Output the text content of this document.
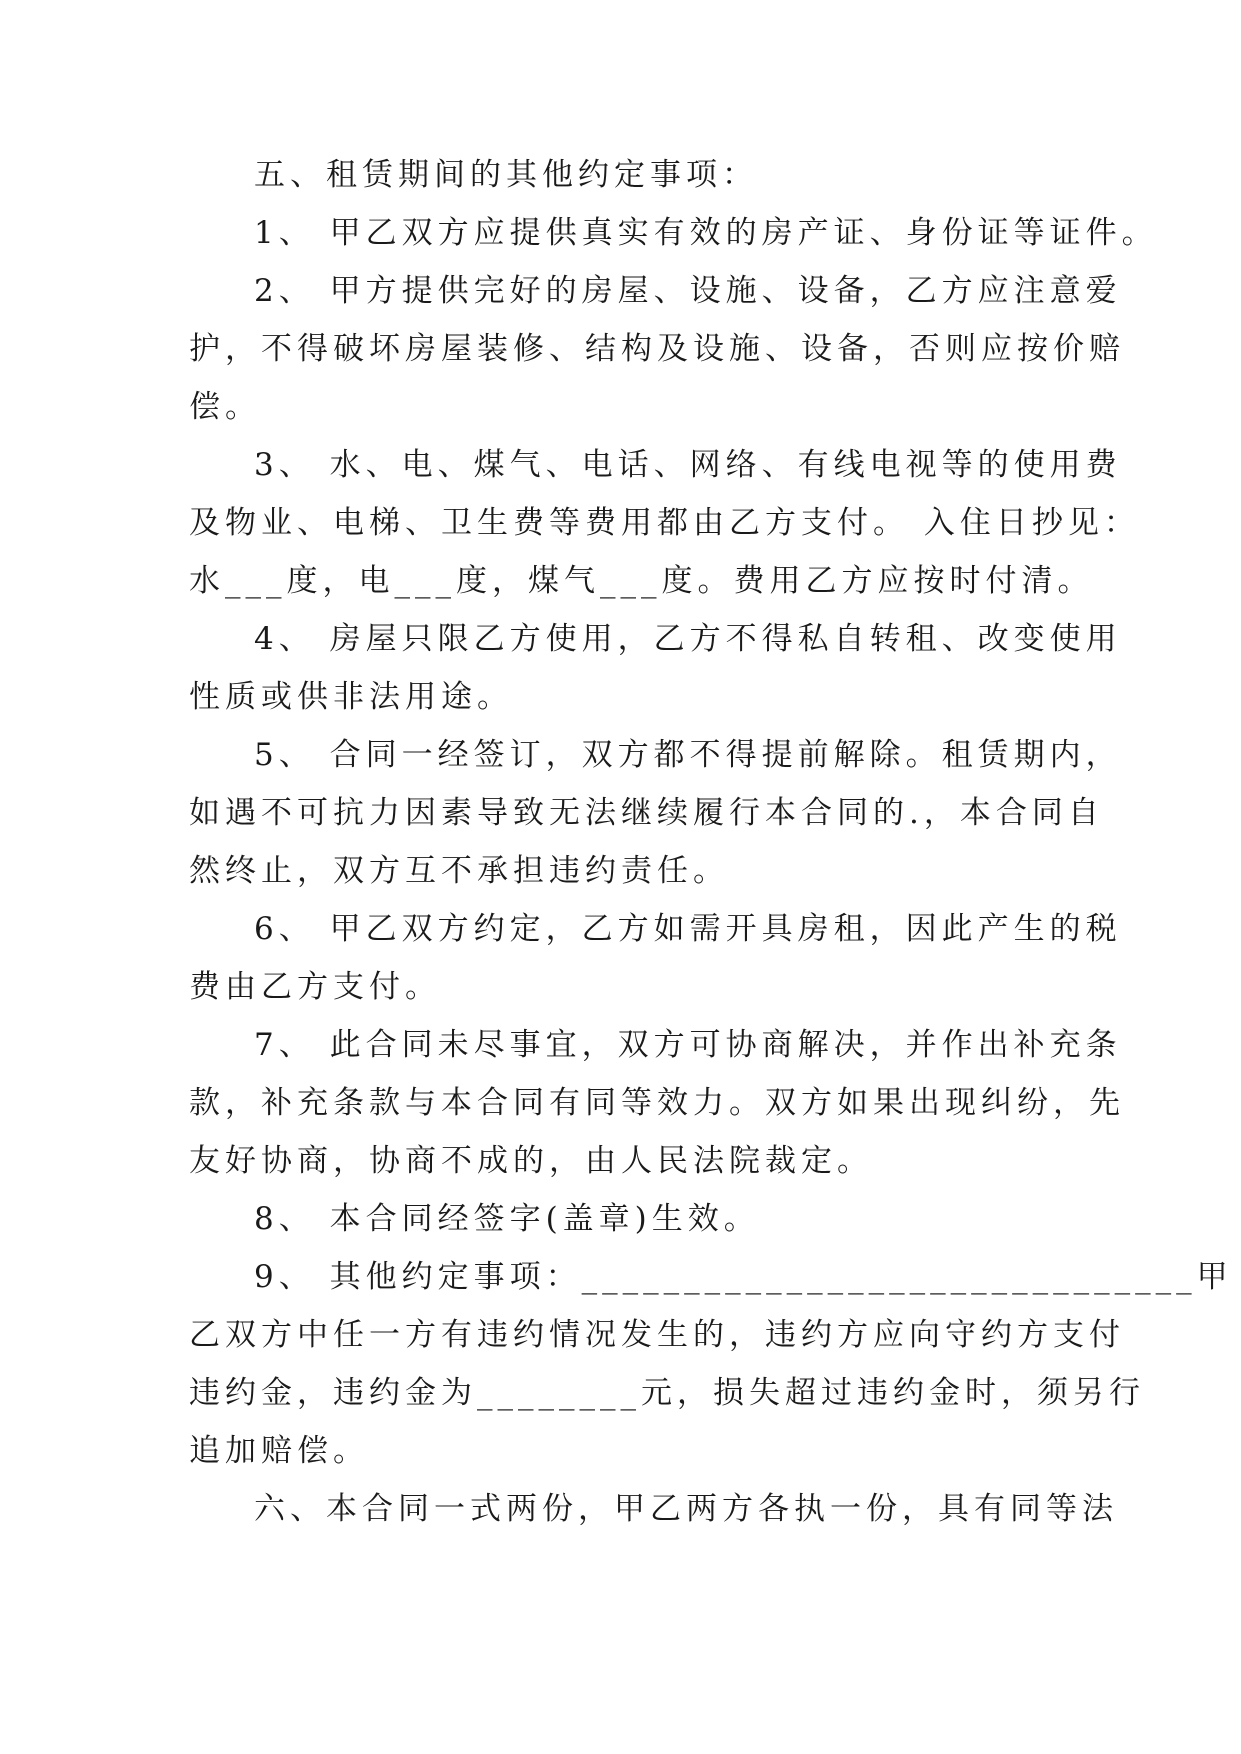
五、租赁期间的其他约定事项：
1、 甲乙双方应提供真实有效的房产证、身份证等证件。
2、 甲方提供完好的房屋、设施、设备，乙方应注意爱
护，不得破坏房屋装修、结构及设施、设备，否则应按价赔
偿。
3、 水、电、煤气、电话、网络、有线电视等的使用费
及物业、电梯、卫生费等费用都由乙方支付。 入住日抄见：
水___度，电___度，煤气___度。费用乙方应按时付清。
4、 房屋只限乙方使用，乙方不得私自转租、改变使用
性质或供非法用途。
5、 合同一经签订，双方都不得提前解除。租赁期内，
如遇不可抗力因素导致无法继续履行本合同的.，本合同自
然终止，双方互不承担违约责任。
6、 甲乙双方约定，乙方如需开具房租，因此产生的税
费由乙方支付。
7、 此合同未尽事宜，双方可协商解决，并作出补充条
款，补充条款与本合同有同等效力。双方如果出现纠纷，先
友好协商，协商不成的，由人民法院裁定。
8、 本合同经签字(盖章)生效。
9、 其他约定事项：______________________________甲
乙双方中任一方有违约情况发生的，违约方应向守约方支付
违约金，违约金为________元，损失超过违约金时，须另行
追加赔偿。
六、本合同一式两份，甲乙两方各执一份，具有同等法
